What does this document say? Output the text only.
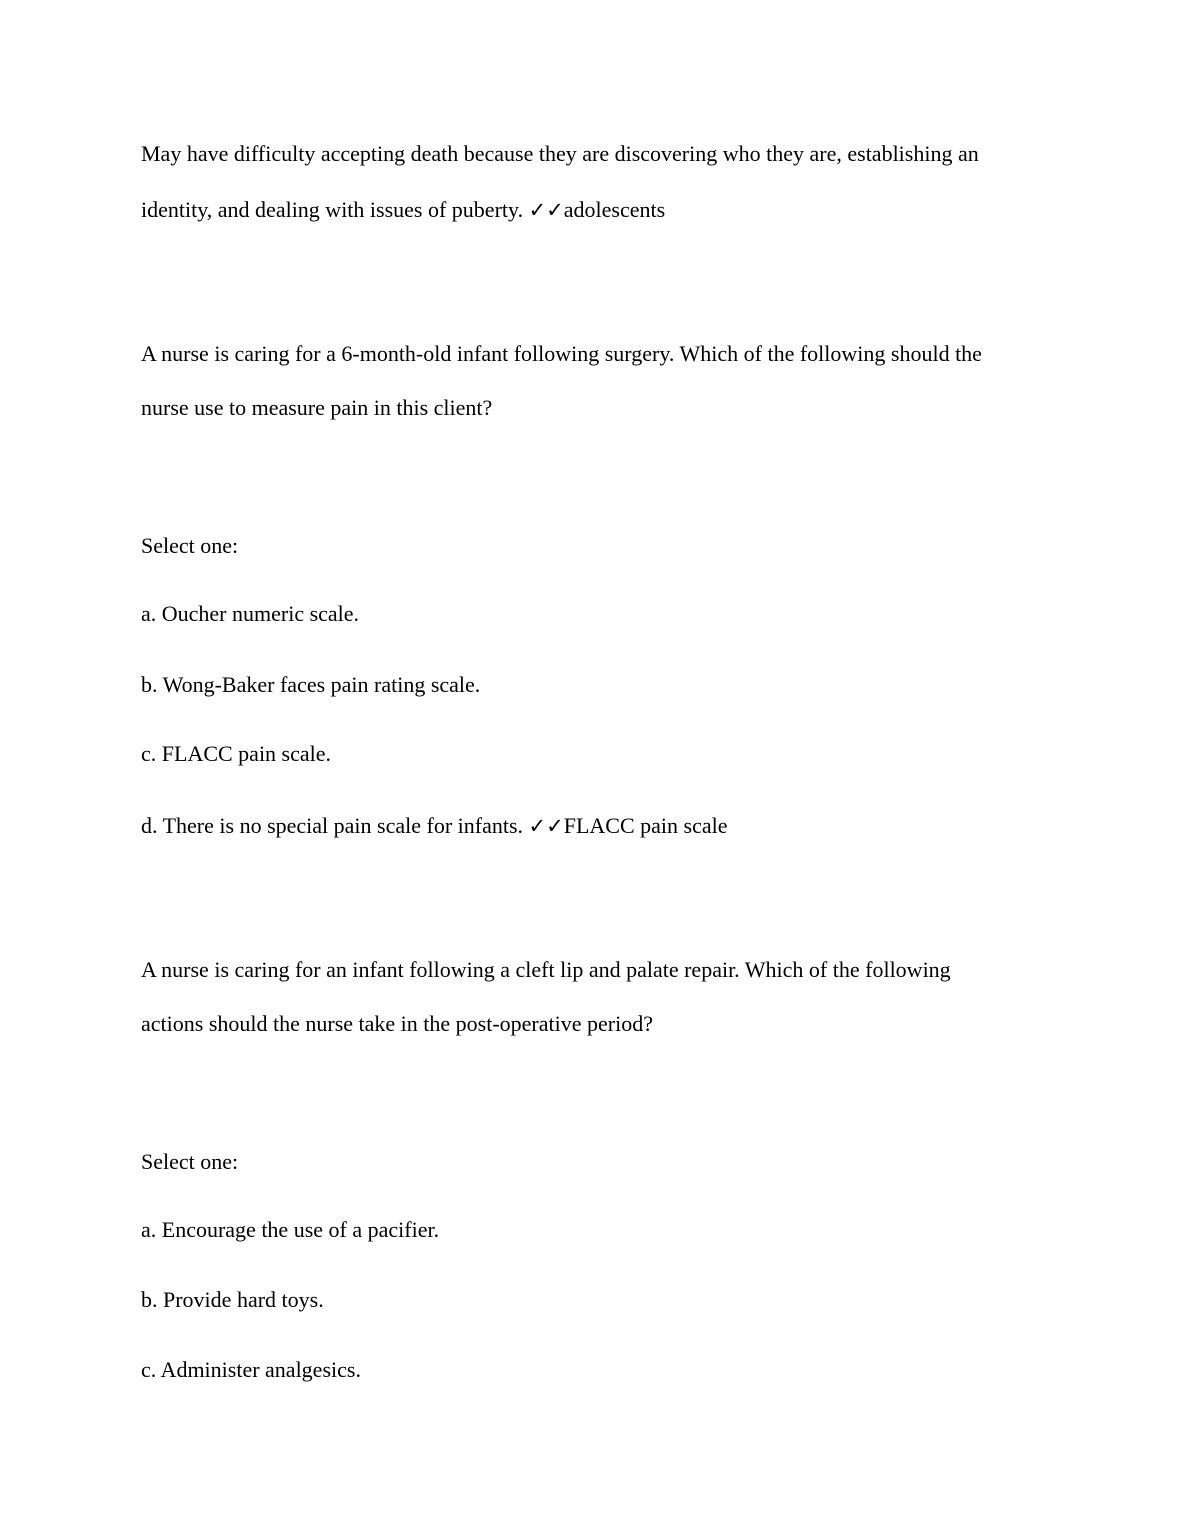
May have difficulty accepting death because they are discovering who they are, establishing an
identity, and dealing with issues of puberty. ✓✓adolescents
A nurse is caring for a 6-month-old infant following surgery. Which of the following should the
nurse use to measure pain in this client?
Select one:
a. Oucher numeric scale.
b. Wong-Baker faces pain rating scale.
c. FLACC pain scale.
d. There is no special pain scale for infants. ✓✓FLACC pain scale
A nurse is caring for an infant following a cleft lip and palate repair. Which of the following
actions should the nurse take in the post-operative period?
Select one:
a. Encourage the use of a pacifier.
b. Provide hard toys.
c. Administer analgesics.
